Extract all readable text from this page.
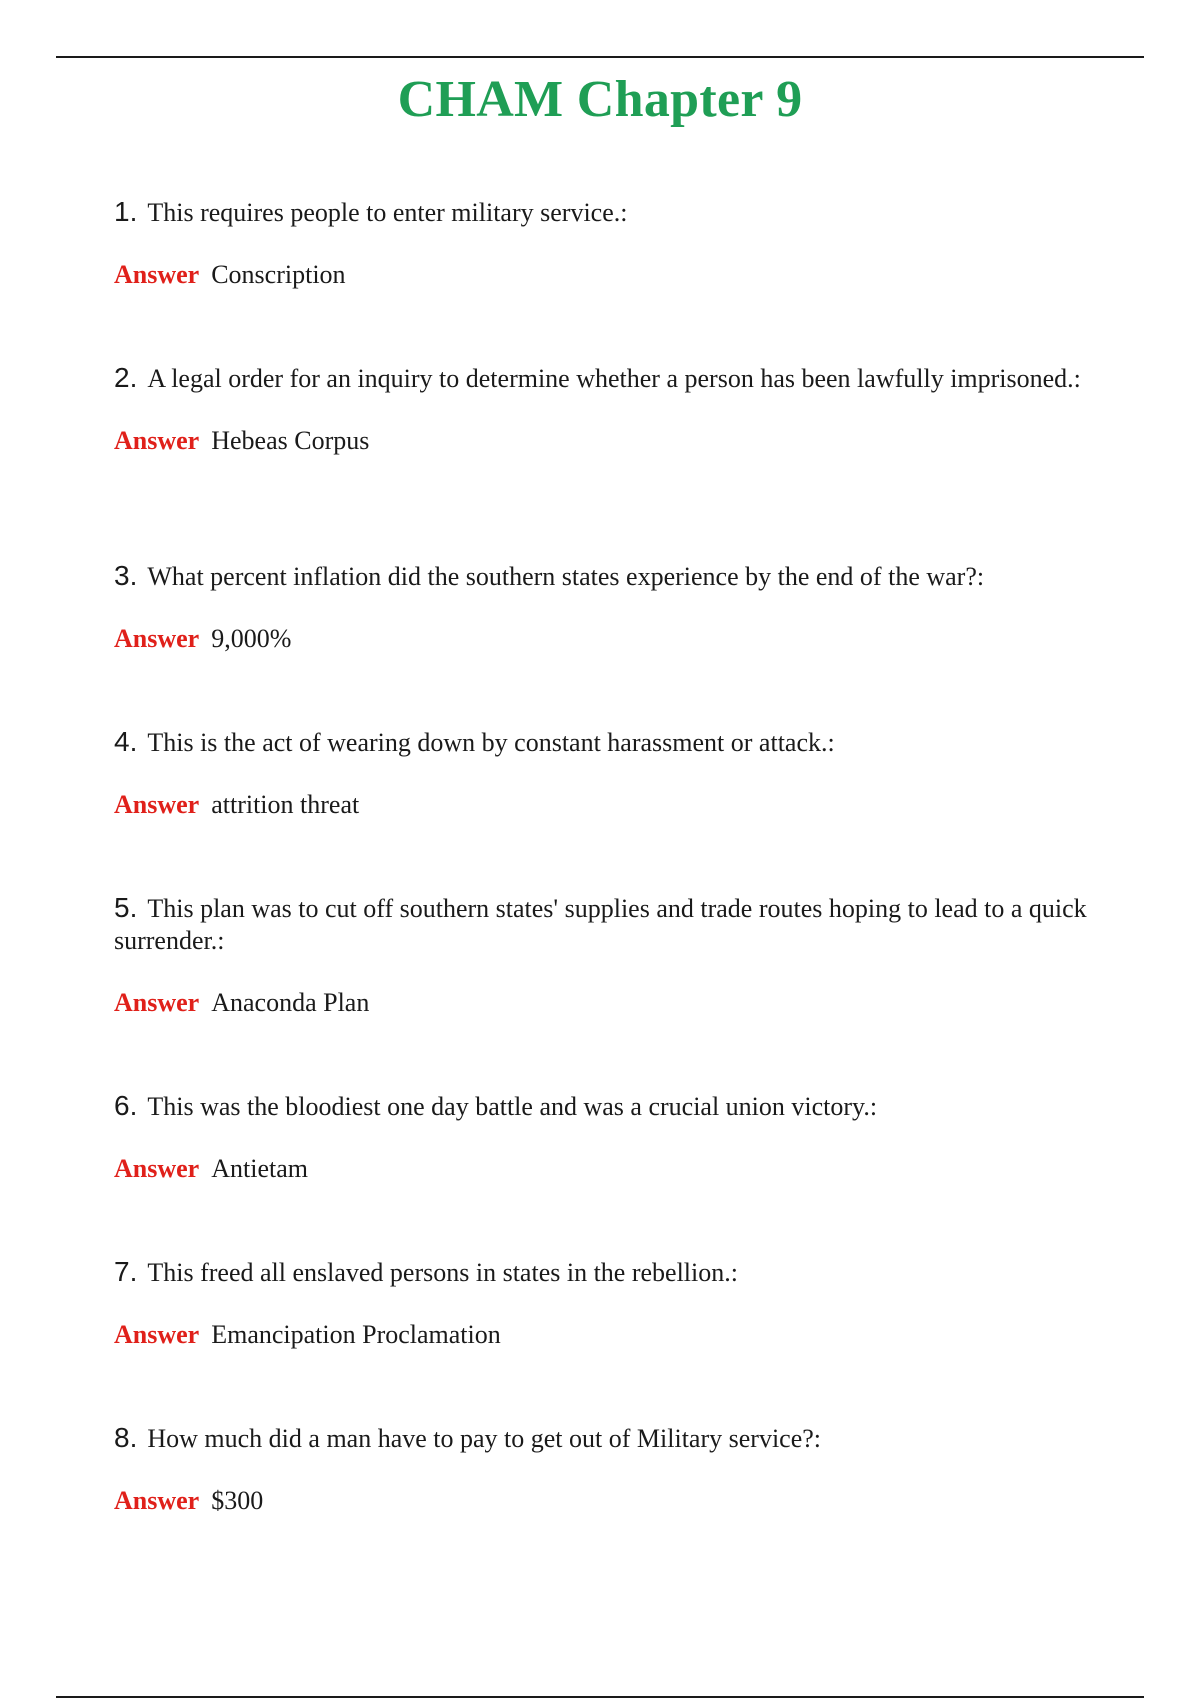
CHAM Chapter 9
1. This requires people to enter military service.:
Answer Conscription
2. A legal order for an inquiry to determine whether a person has been lawfully imprisoned.:
Answer Hebeas Corpus
3. What percent inflation did the southern states experience by the end of the war?:
Answer 9,000%
4. This is the act of wearing down by constant harassment or attack.:
Answer attrition threat
5. This plan was to cut off southern states' supplies and trade routes hoping to lead to a quick surrender.:
Answer Anaconda Plan
6. This was the bloodiest one day battle and was a crucial union victory.:
Answer Antietam
7. This freed all enslaved persons in states in the rebellion.:
Answer Emancipation Proclamation
8. How much did a man have to pay to get out of Military service?:
Answer $300
